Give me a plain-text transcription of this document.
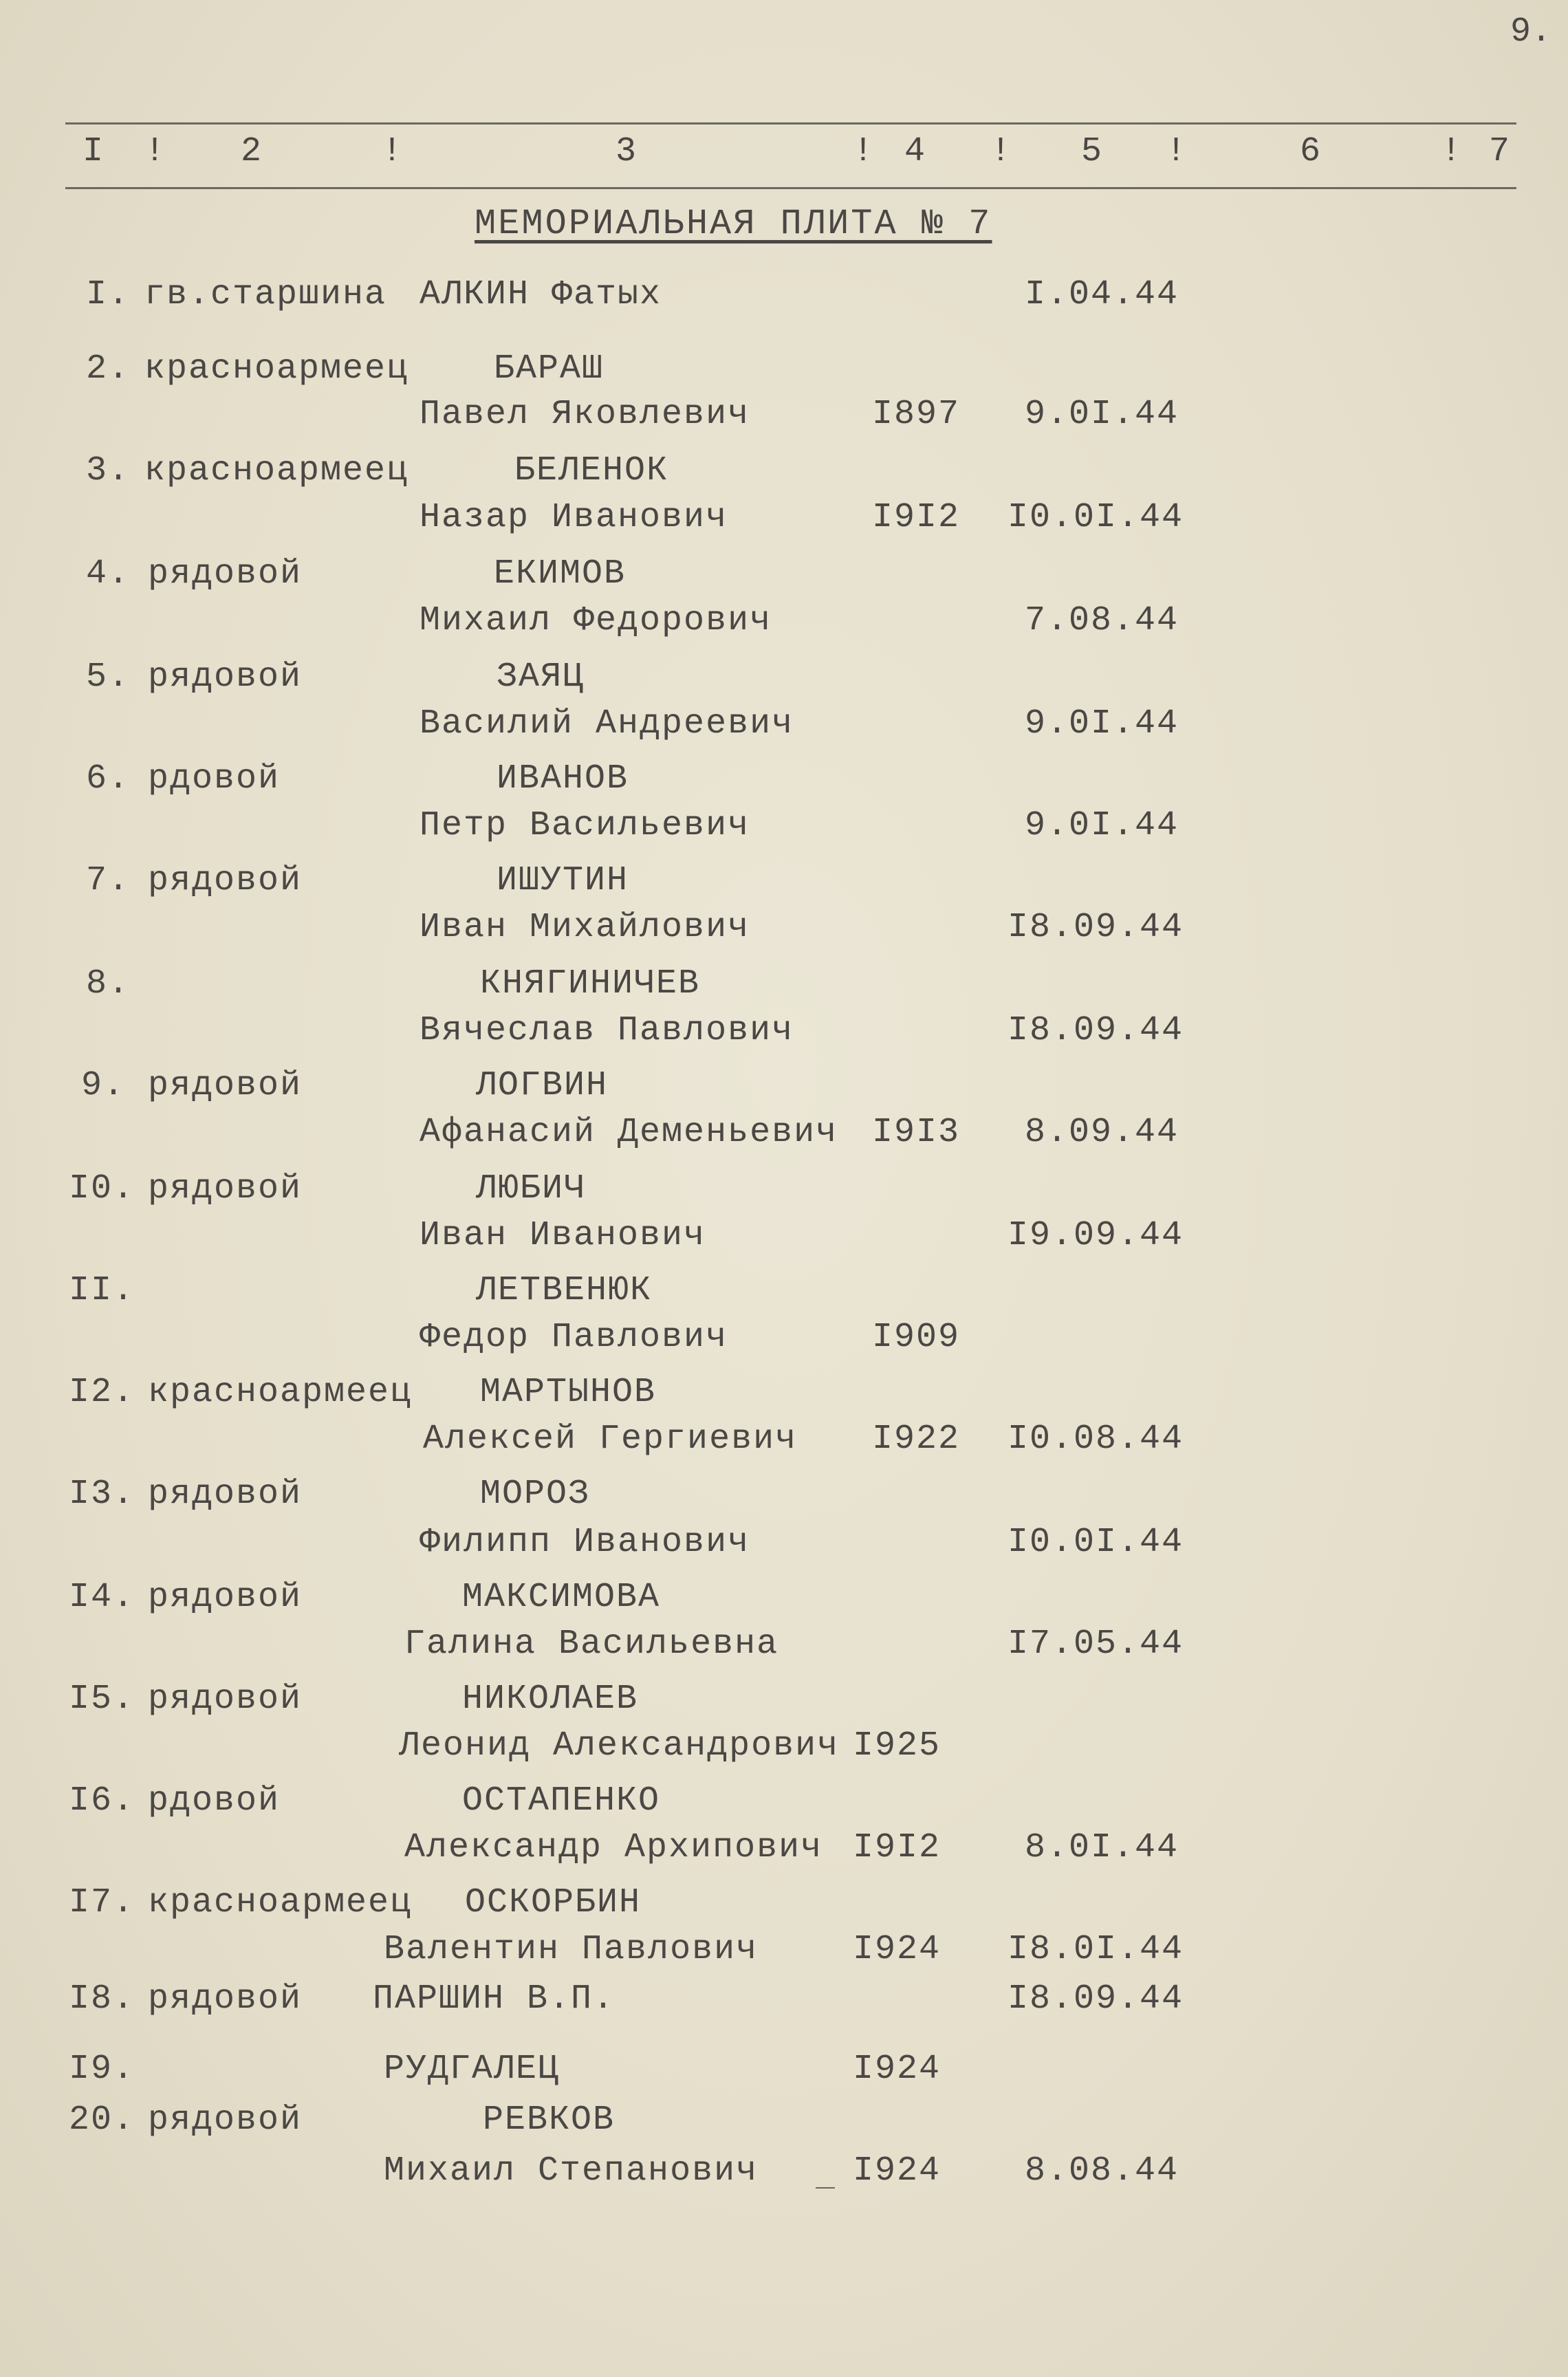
9.
I ! 2	!	3	! 4 ! 5 !	6	! 7
МЕМОРИАЛЬНАЯ ПЛИТА № 7
I. гв.старшина АЛКИН Фатых	I.04.44
2. красноармеец БАРАШ
Павел Яковлевич	I897 9.0I.44
3. красноармеец	БЕЛЕНОК
Назар Иванович	I9I2 I0.0I.44
4. рядовой	ЕКИМОВ
Михаил Федорович	7.08.44
5. рядовой	ЗАЯЦ
Василий Андреевич	9.0I.44
6. рдовой	ИВАНОВ
Петр Васильевич	9.0I.44
7. рядовой	ИШУТИН
Иван Михайлович	I8.09.44
8.	КНЯГИНИЧЕВ
Вячеслав Павлович	I8.09.44
9. рядовой	ЛОГВИН
Афанасий Деменьевич I9I3 8.09.44
I0. рядовой	ЛЮБИЧ
Иван Иванович	I9.09.44
II.	ЛЕТВЕНЮК
Федор Павлович	I909
I2. красноармеец МАРТЫНОВ
Алексей Гергиевич I922 I0.08.44
I3. рядовой	МОРОЗ
Филипп Иванович	I0.0I.44
I4. рядовой	МАКСИМОВА
Галина Васильевна	I7.05.44
I5. рядовой	НИКОЛАЕВ
Леонид Александрович I925
I6. рдовой	ОСТАПЕНКО
Александр Архипович I9I2 8.0I.44
I7. красноармеец ОСКОРБИН
Валентин Павлович	I924 I8.0I.44
I8. рядовой ПАРШИН В.П.	I8.09.44
I9.	РУДГАЛЕЦ	I924
20. рядовой	РЕВКОВ
Михаил Степанович	I924 8.08.44
